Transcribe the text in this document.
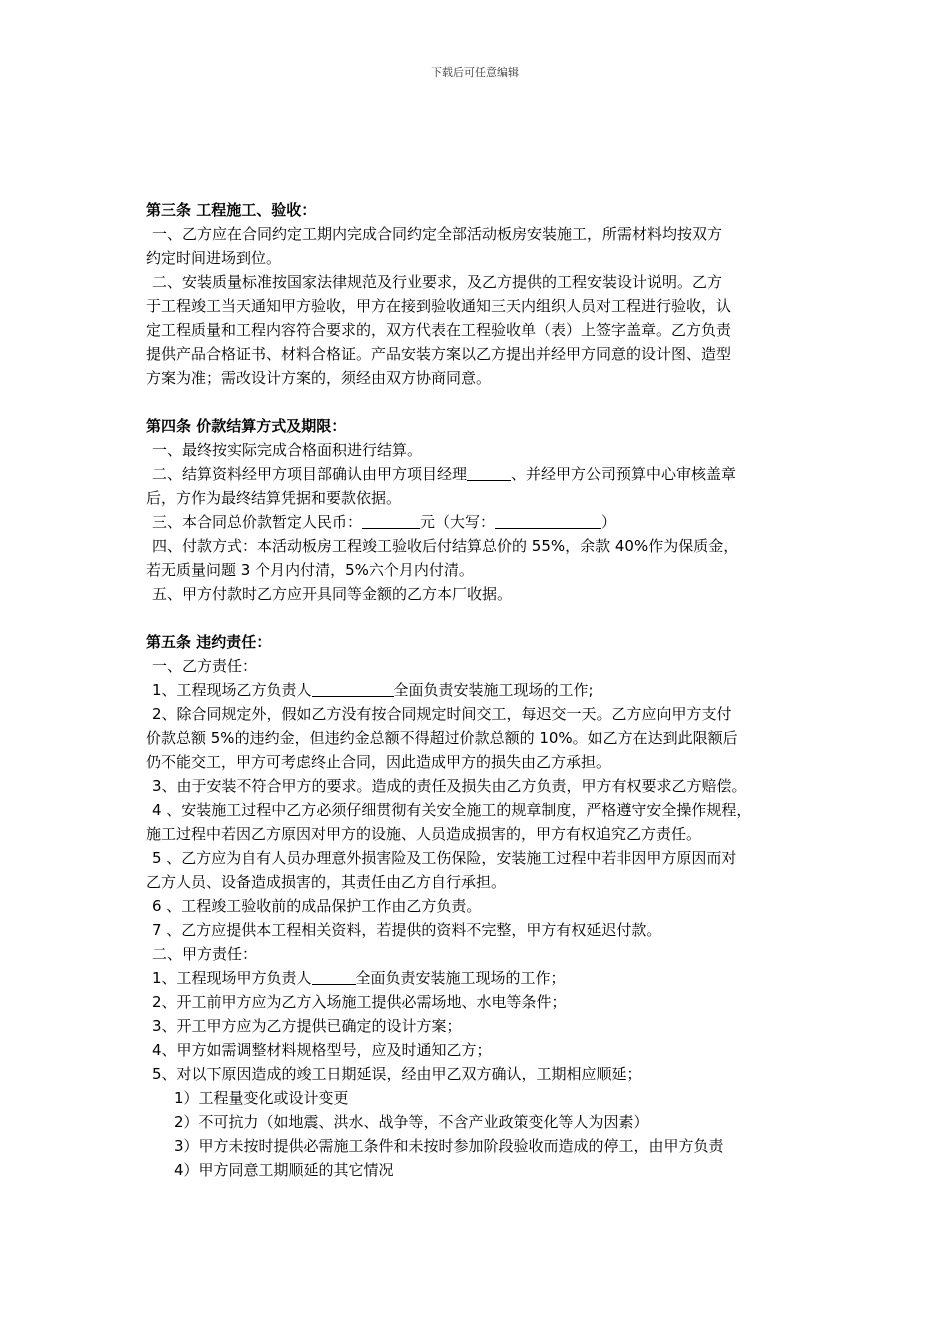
下载后可任意编辑
第三条 工程施工、验收：
一、乙方应在合同约定工期内完成合同约定全部活动板房安装施工，所需材料均按双方
约定时间进场到位。
二、安装质量标准按国家法律规范及行业要求，及乙方提供的工程安装设计说明。乙方
于工程竣工当天通知甲方验收，甲方在接到验收通知三天内组织人员对工程进行验收，认
定工程质量和工程内容符合要求的，双方代表在工程验收单（表）上签字盖章。乙方负责
提供产品合格证书、材料合格证。产品安装方案以乙方提出并经甲方同意的设计图、造型
方案为准；需改设计方案的，须经由双方协商同意。
第四条 价款结算方式及期限：
一、最终按实际完成合格面积进行结算。
二、结算资料经甲方项目部确认由甲方项目经理	、并经甲方公司预算中心审核盖章
后，方作为最终结算凭据和要款依据。
三、本合同总价款暂定人民币：	元（大写：	）
四、付款方式：本活动板房工程竣工验收后付结算总价的 55%，余款 40%作为保质金，
若无质量问题 3 个月内付清，5%六个月内付清。
五、甲方付款时乙方应开具同等金额的乙方本厂收据。
第五条 违约责任：
一、乙方责任：
1、工程现场乙方负责人	全面负责安装施工现场的工作;
2、除合同规定外，假如乙方没有按合同规定时间交工，每迟交一天。乙方应向甲方支付
价款总额 5%的违约金，但违约金总额不得超过价款总额的 10%。如乙方在达到此限额后
仍不能交工，甲方可考虑终止合同，因此造成甲方的损失由乙方承担。
3、由于安装不符合甲方的要求。造成的责任及损失由乙方负责，甲方有权要求乙方赔偿。
4 、安装施工过程中乙方必须仔细贯彻有关安全施工的规章制度，严格遵守安全操作规程，
施工过程中若因乙方原因对甲方的设施、人员造成损害的，甲方有权追究乙方责任。
5 、乙方应为自有人员办理意外损害险及工伤保险，安装施工过程中若非因甲方原因而对
乙方人员、设备造成损害的，其责任由乙方自行承担。
6 、工程竣工验收前的成品保护工作由乙方负责。
7 、乙方应提供本工程相关资料，若提供的资料不完整，甲方有权延迟付款。
二、甲方责任：
1、工程现场甲方负责人	全面负责安装施工现场的工作；
2、开工前甲方应为乙方入场施工提供必需场地、水电等条件；
3、开工甲方应为乙方提供已确定的设计方案；
4、甲方如需调整材料规格型号，应及时通知乙方；
5、对以下原因造成的竣工日期延误，经由甲乙双方确认，工期相应顺延；
1）工程量变化或设计变更
2）不可抗力（如地震、洪水、战争等，不含产业政策变化等人为因素）
3）甲方未按时提供必需施工条件和未按时参加阶段验收而造成的停工，由甲方负责
4）甲方同意工期顺延的其它情况
